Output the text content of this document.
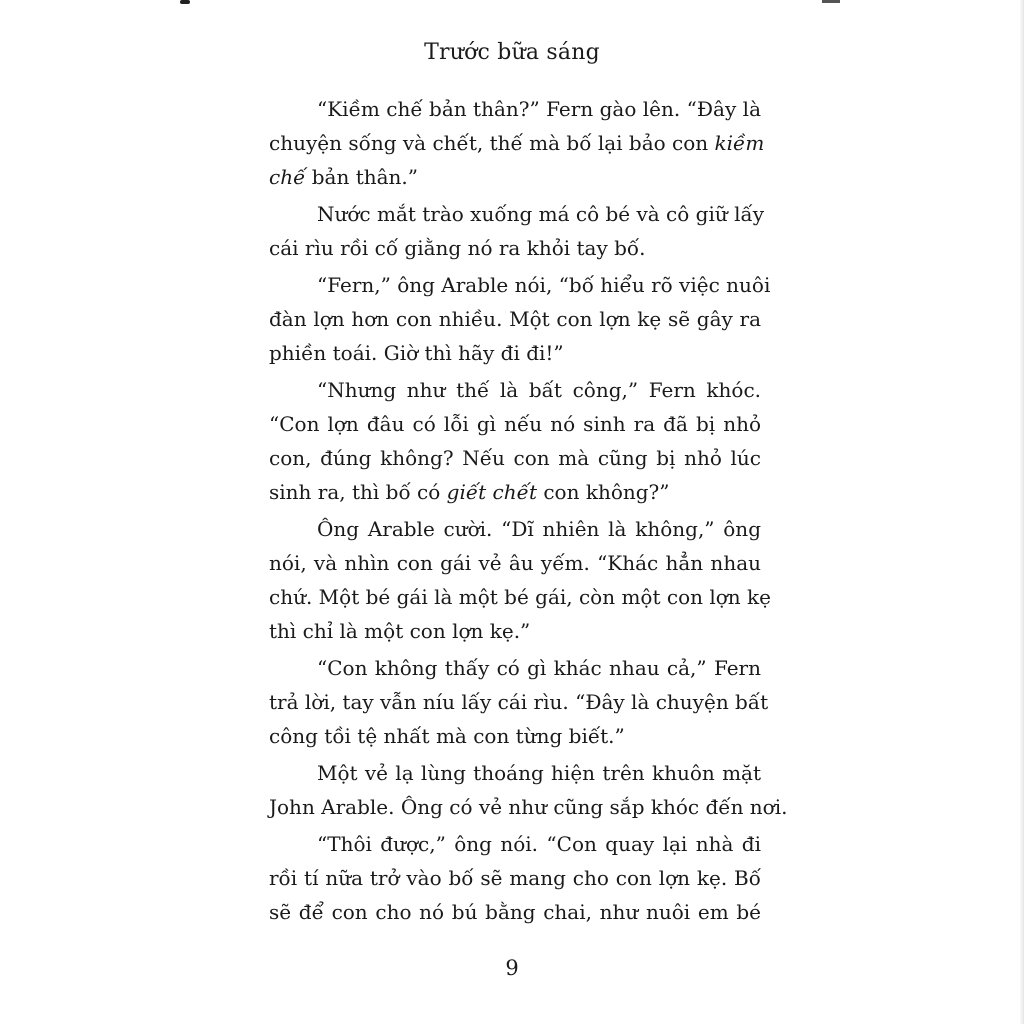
Trước bữa sáng
“Kiềm chế bản thân?” Fern gào lên. “Đây là
chuyện sống và chết, thế mà bố lại bảo con kiềm
chế bản thân.”
Nước mắt trào xuống má cô bé và cô giữ lấy
cái rìu rồi cố giằng nó ra khỏi tay bố.
“Fern,” ông Arable nói, “bố hiểu rõ việc nuôi
đàn lợn hơn con nhiều. Một con lợn kẹ sẽ gây ra
phiền toái. Giờ thì hãy đi đi!”
“Nhưng như thế là bất công,” Fern khóc.
“Con lợn đâu có lỗi gì nếu nó sinh ra đã bị nhỏ
con, đúng không? Nếu con mà cũng bị nhỏ lúc
sinh ra, thì bố có giết chết con không?”
Ông Arable cười. “Dĩ nhiên là không,” ông
nói, và nhìn con gái vẻ âu yếm. “Khác hẳn nhau
chứ. Một bé gái là một bé gái, còn một con lợn kẹ
thì chỉ là một con lợn kẹ.”
“Con không thấy có gì khác nhau cả,” Fern
trả lời, tay vẫn níu lấy cái rìu. “Đây là chuyện bất
công tồi tệ nhất mà con từng biết.”
Một vẻ lạ lùng thoáng hiện trên khuôn mặt
John Arable. Ông có vẻ như cũng sắp khóc đến nơi.
“Thôi được,” ông nói. “Con quay lại nhà đi
rồi tí nữa trở vào bố sẽ mang cho con lợn kẹ. Bố
sẽ để con cho nó bú bằng chai, như nuôi em bé
9
